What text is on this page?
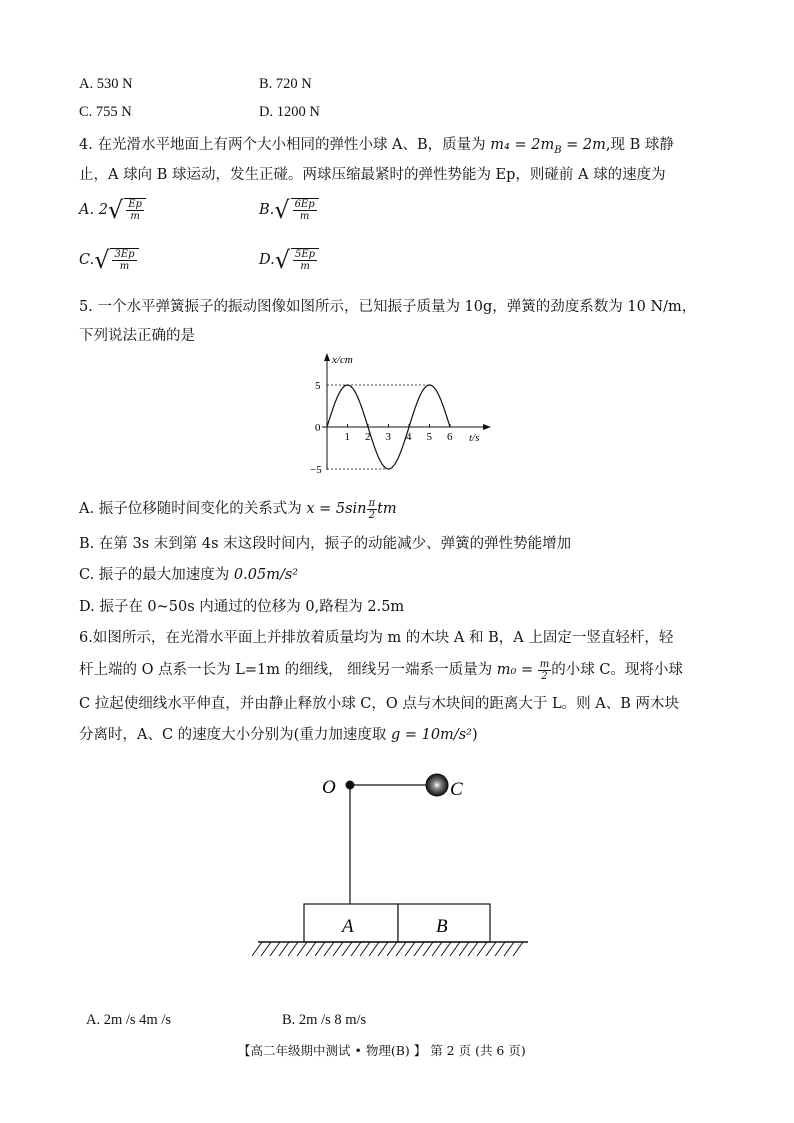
A. 530 N	B. 720 N
C. 755 N	D. 1200 N
4. 在光滑水平地面上有两个大小相同的弹性小球 A、B，质量为 $m_4 = 2m_B = 2m$,现 B 球静
止，A 球向 B 球运动，发生正碰。两球压缩最紧时的弹性势能为 Ep，则碰前 A 球的速度为
A. $2√ \frac{Ep}{m}$	$B.√ \frac{6Ep}{m}$
$C.√ \frac{3Ep}{m}$	$D.√ \frac{5Ep}{m}$
5. 一个水平弹簧振子的振动图像如图所示，已知振子质量为 10g，弹簧的劲度系数为 10 N/m，
下列说法正确的是
1 2 3 4 5 6
5
0
−5
x/cm
t/s
A. 振子位移随时间变化的关系式为 $x = 5\sin \frac{\pi}{2}$ tm
B. 在第 3s 末到第 4s 末这段时间内，振子的动能减少、弹簧的弹性势能增加
C. 振子的最大加速度为 0.05m/s²
D. 振子在 0~50s 内通过的位移为 0,路程为 2.5m
6.如图所示，在光滑水平面上并排放着质量均为 m 的木块 A 和 B，A 上固定一竖直轻杆，轻
杆上端的 O 点系一长为 L=1m 的细线， 细线另一端系一质量为 $m_0 = \frac{m}{2}$ 的小球 C。现将小球
C 拉起使细线水平伸直，并由静止释放小球 C，O 点与木块间的距离大于 L。则 A、B 两木块
分离时，A、C 的速度大小分别为(重力加速度取 g = 10m/s²)
O	C
A	B
A. 2m /s 4m /s	B. 2m /s 8 m/s
【高二年级期中测试 • 物理(B) 】 第 2 页 (共 6 页)
